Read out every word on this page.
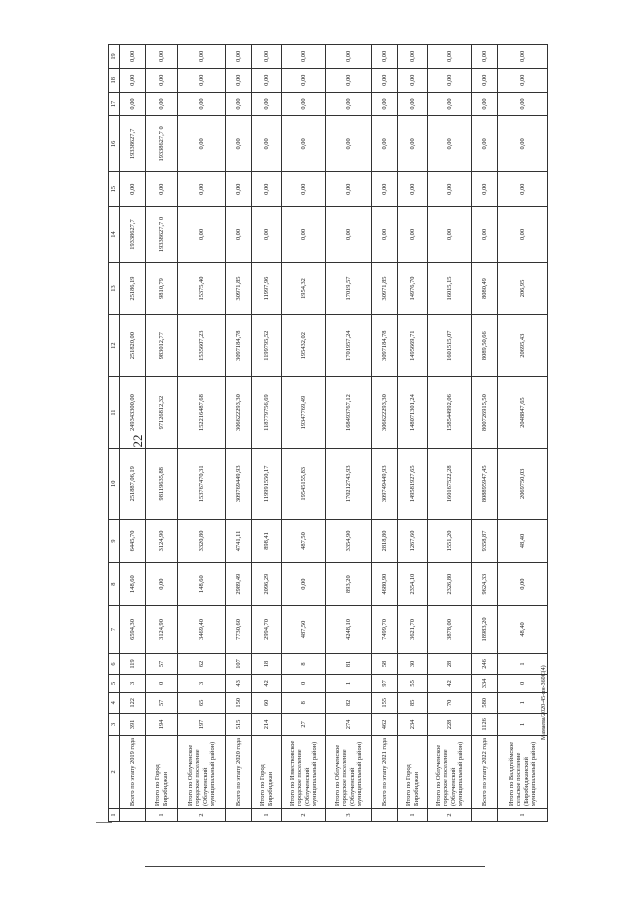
22
1	2	3	4	5	6	7	8	9	10	11	12	13	14	15	16	17	18	19
	Всего по этапу 2019 года	391	122	3	119	6594,30	148,60	6445,70	251887,06,19	249343300,00	251820,00	25186,19	19338627,7	0,00	19338627,7	0,00	0,00	0,00
1	Итого по Город Биробиджан	194	57	0	57	3124,90	0,00	3124,90	98119635,88	97126812,32	983012,77	9810,79	19338627,7 0	0,00	19338627,7 0	0,00	0,00	0,00
2	Итого по Облученское городское поселение (Облученский муниципальный район)	197	65	3	62	3469,40	148,60	3320,80	153767470,31	152216487,68	1535607,23	15375,40	0,00	0,00	0,00	0,00	0,00	0,00
	Всего по этапу 2020 года	515	150	43	107	7730,60	2989,49	4741,11	309769449,93	306622293,30	3097184,78	30971,85	0,00	0,00	0,00	0,00	0,00	0,00
1	Итого по Город Биробиджан	214	60	42	18	2994,70	2096,29	898,41	119991550,17	118779756,69	1199795,52	11997,96	0,00	0,00	0,00	0,00	0,00	0,00
2	Итого по Известковское городское поселение (Облученский муниципальный район)	27	8	0	8	487,50	0,00	487,50	19545155,83	19347769,49	195432,02	1954,32	0,00	0,00	0,00	0,00	0,00	0,00
3	Итого по Облученское городское поселение (Облученский муниципальный район)	274	82	1	81	4248,10	893,20	3354,90	170212743,93	168493767,12	1701957,24	17019,57	0,00	0,00	0,00	0,00	0,00	0,00
	Всего по этапу 2021 года	462	155	97	58	7499,70	4680,90	2818,80	309749449,93	306622293,30	3097184,78	30971,85	0,00	0,00	0,00	0,00	0,00	0,00
1	Итого по Город Биробиджан	234	85	55	30	3621,70	2354,10	1267,60	149581927,65	148071301,24	1495669,71	14976,70	0,00	0,00	0,00	0,00	0,00	0,00
2	Итого по Облученское городское поселение (Облученский муниципальный район)	228	70	42	28	3878,00	2326,80	1551,20	160167522,28	158544992,06	1601515,07	16015,15	0,00	0,00	0,00	0,00	0,00	0,00
	Всего по этапу 2022 года	1126	580	334	246	18983,20	9624,33	9358,87	808895947,45	800726915,50	8089,50,66	8080,49	0,00	0,00	0,00	0,00	0,00	0,00
1	Итого по Валдгеймское сельское поселение (Биробиджанский муниципальный район)	1	1	0	1	48,40	0,00	48,40	2069750,03	2048847,65	20695,43	206,95	0,00	0,00	0,00	0,00	0,00	0,00
Мамаева/2020-45-пн-360С(4)
